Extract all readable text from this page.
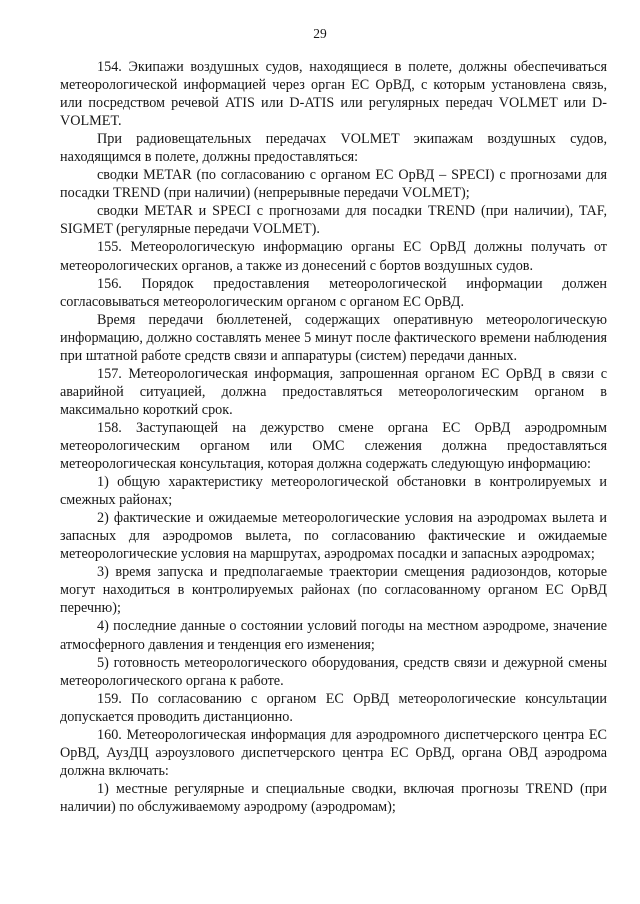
29

154. Экипажи воздушных судов, находящиеся в полете, должны обеспечиваться метеорологической информацией через орган ЕС ОрВД, с которым установлена связь, или посредством речевой ATIS или D-ATIS или регулярных передач VOLMET или D-VOLMET.

При радиовещательных передачах VOLMET экипажам воздушных судов, находящимся в полете, должны предоставляться:

сводки METAR (по согласованию с органом ЕС ОрВД – SPECI) с прогнозами для посадки TREND (при наличии) (непрерывные передачи VOLMET);

сводки METAR и SPECI с прогнозами для посадки TREND (при наличии), TAF, SIGMET (регулярные передачи VOLMET).

155. Метеорологическую информацию органы ЕС ОрВД должны получать от метеорологических органов, а также из донесений с бортов воздушных судов.

156. Порядок предоставления метеорологической информации должен согласовываться метеорологическим органом с органом ЕС ОрВД.

Время передачи бюллетеней, содержащих оперативную метеорологическую информацию, должно составлять менее 5 минут после фактического времени наблюдения при штатной работе средств связи и аппаратуры (систем) передачи данных.

157. Метеорологическая информация, запрошенная органом ЕС ОрВД в связи с аварийной ситуацией, должна предоставляться метеорологическим органом в максимально короткий срок.

158. Заступающей на дежурство смене органа ЕС ОрВД аэродромным метеорологическим органом или ОМС слежения должна предоставляться метеорологическая консультация, которая должна содержать следующую информацию:

1) общую характеристику метеорологической обстановки в контролируемых и смежных районах;

2) фактические и ожидаемые метеорологические условия на аэродромах вылета и запасных для аэродромов вылета, по согласованию фактические и ожидаемые метеорологические условия на маршрутах, аэродромах посадки и запасных аэродромах;

3) время запуска и предполагаемые траектории смещения радиозондов, которые могут находиться в контролируемых районах (по согласованному органом ЕС ОрВД перечню);

4) последние данные о состоянии условий погоды на местном аэродроме, значение атмосферного давления и тенденция его изменения;

5) готовность метеорологического оборудования, средств связи и дежурной смены метеорологического органа к работе.

159. По согласованию с органом ЕС ОрВД метеорологические консультации допускается проводить дистанционно.

160. Метеорологическая информация для аэродромного диспетчерского центра ЕС ОрВД, АузДЦ аэроузлового диспетчерского центра ЕС ОрВД, органа ОВД аэродрома должна включать:

1) местные регулярные и специальные сводки, включая прогнозы TREND (при наличии) по обслуживаемому аэродрому (аэродромам);
